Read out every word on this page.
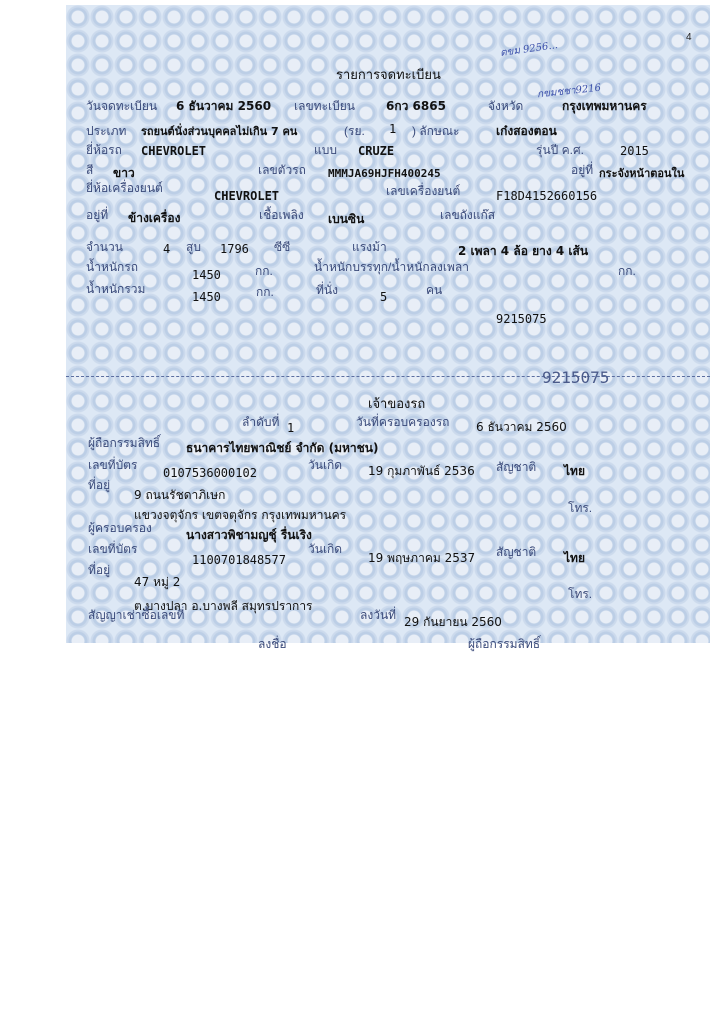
4
ตขม 9256...
กขมชชา9216
รายการจดทะเบียน
วันจดทะเบียน 6 ธันวาคม 2560 เลขทะเบียน	6กว 6865	จังหวัด	กรุงเทพมหานคร
ประเภท รถยนต์นั่งส่วนบุคคลไม่เกิน 7 คน	(รย. 1 ) ลักษณะ	เก๋งสองตอน
ยี่ห้อรถ CHEVROLET	แบบ CRUZE	รุ่นปี ค.ศ.	2015
สี ขาว	เลขตัวรถ MMMJA69HJFH400245	อยู่ที่ กระจังหน้าตอนใน
ยี่ห้อเครื่องยนต์
CHEVROLET	เลขเครื่องยนต์	F18D4152660156
อยู่ที่ ข้างเครื่อง	เชื้อเพลิง เบนซิน	เลขถังแก๊ส
จำนวน	4 สูบ 1796 ซีซี	แรงม้า	2 เพลา 4 ล้อ ยาง 4 เส้น
น้ำหนักรถ
1450	กก.	น้ำหนักบรรทุก/น้ำหนักลงเพลา	กก.
น้ำหนักรวม
1450	กก.	ที่นั่ง	5	คน
9215075
9215075
เจ้าของรถ
ลำดับที่ 1	วันที่ครอบครองรถ 6 ธันวาคม 2560
ผู้ถือกรรมสิทธิ์ ธนาคารไทยพาณิชย์ จำกัด (มหาชน)
เลขที่บัตร
0107536000102
วันเกิด 19 กุมภาพันธ์ 2536 สัญชาติ ไทย
ที่อยู่
9 ถนนรัชดาภิเษก
โทร.
แขวงจตุจักร เขตจตุจักร กรุงเทพมหานคร
ผู้ครอบครอง	นางสาวพิชามญชุ์ รื่นเริง
เลขที่บัตร
1100701848577
วันเกิด
19 พฤษภาคม 2537 สัญชาติ ไทย
ที่อยู่
47 หมู่ 2
โทร.
ต.บางปลา อ.บางพลี สมุทรปราการ
สัญญาเช่าซื้อเลขที่	ลงวันที่ 29 กันยายน 2560
ลงชื่อ	ผู้ถือกรรมสิทธิ์
